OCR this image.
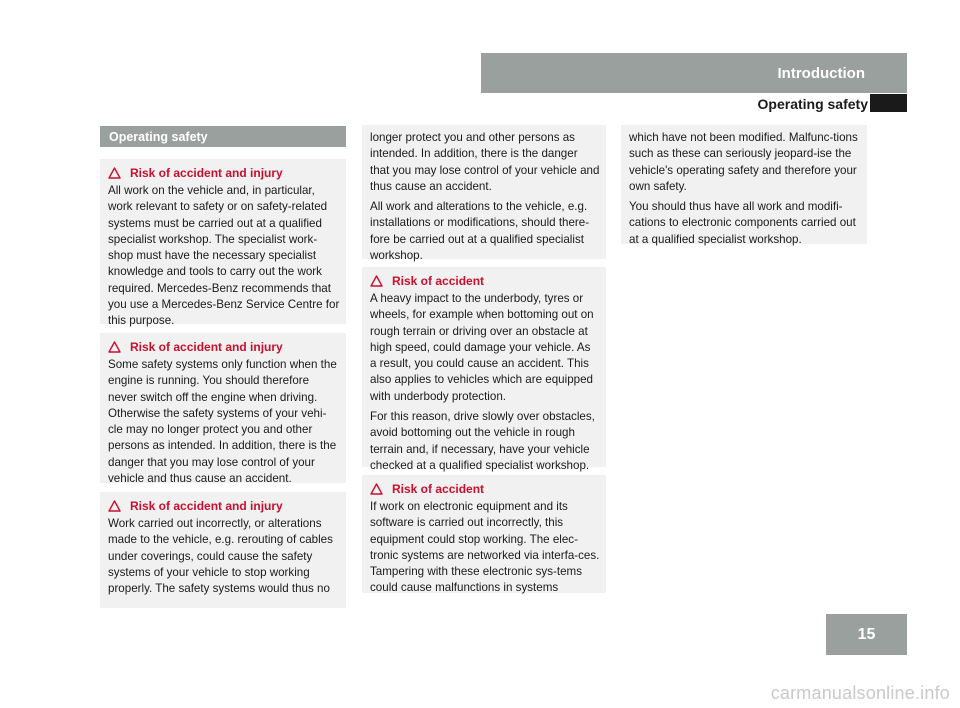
Introduction
Operating safety
Operating safety
Risk of accident and injury

All work on the vehicle and, in particular, work relevant to safety or on safety-related systems must be carried out at a qualified specialist workshop. The specialist work-shop must have the necessary specialist knowledge and tools to carry out the work required. Mercedes-Benz recommends that you use a Mercedes-Benz Service Centre for this purpose.

Risk of accident and injury

Some safety systems only function when the engine is running. You should therefore never switch off the engine when driving. Otherwise the safety systems of your vehi-cle may no longer protect you and other persons as intended. In addition, there is the danger that you may lose control of your vehicle and thus cause an accident.

Risk of accident and injury

Work carried out incorrectly, or alterations made to the vehicle, e.g. rerouting of cables under coverings, could cause the safety systems of your vehicle to stop working properly. The safety systems would thus no

longer protect you and other persons as intended. In addition, there is the danger that you may lose control of your vehicle and thus cause an accident.

All work and alterations to the vehicle, e.g. installations or modifications, should there-fore be carried out at a qualified specialist workshop.

Risk of accident

A heavy impact to the underbody, tyres or wheels, for example when bottoming out on rough terrain or driving over an obstacle at high speed, could damage your vehicle. As a result, you could cause an accident. This also applies to vehicles which are equipped with underbody protection.

For this reason, drive slowly over obstacles, avoid bottoming out the vehicle in rough terrain and, if necessary, have your vehicle checked at a qualified specialist workshop.

Risk of accident

If work on electronic equipment and its software is carried out incorrectly, this equipment could stop working. The elec-tronic systems are networked via interfa-ces. Tampering with these electronic sys-tems could cause malfunctions in systems

which have not been modified. Malfunc-tions such as these can seriously jeopard-ise the vehicle's operating safety and therefore your own safety.

You should thus have all work and modifi-cations to electronic components carried out at a qualified specialist workshop.

15
carmanualsonline.info
